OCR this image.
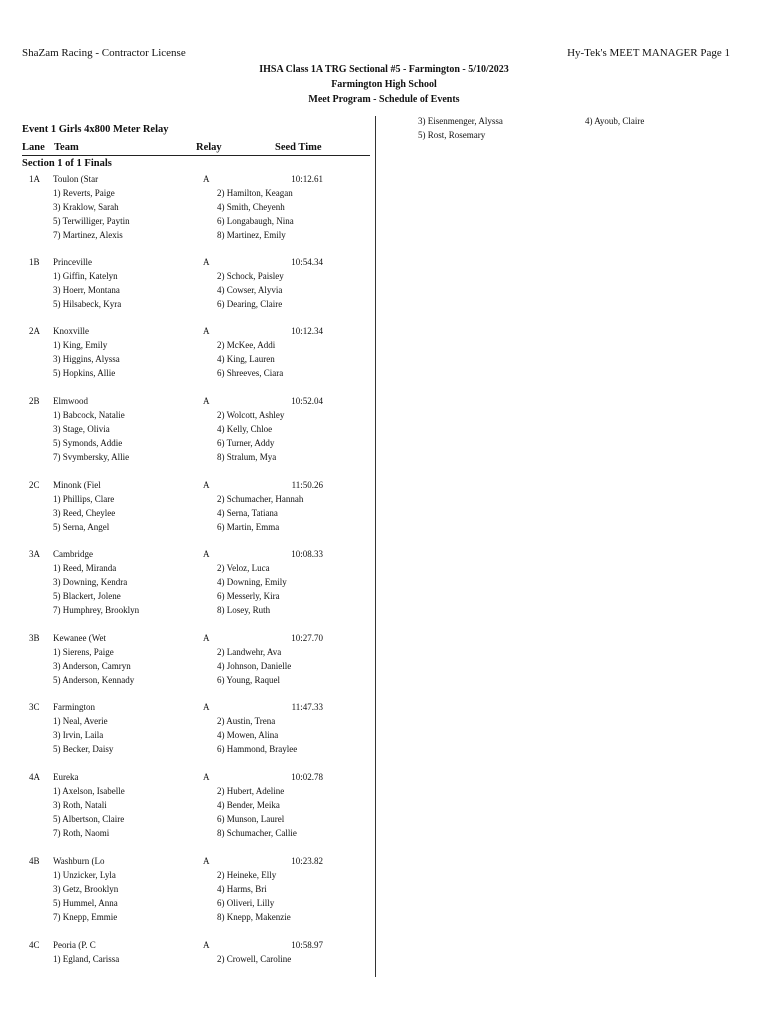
ShaZam Racing - Contractor License	Hy-Tek's MEET MANAGER Page 1
IHSA Class 1A TRG Sectional #5 - Farmington - 5/10/2023
Farmington High School
Meet Program - Schedule of Events
Event 1 Girls 4x800 Meter Relay
Lane Team	Relay	Seed Time
Section 1 of 1 Finals
1A Toulon (Star	A	10:12.61
1) Reverts, Paige	2) Hamilton, Keagan
3) Kraklow, Sarah	4) Smith, Cheyenh
5) Terwilliger, Paytin	6) Longabaugh, Nina
7) Martinez, Alexis	8) Martinez, Emily
1B Princeville	A	10:54.34
1) Giffin, Katelyn	2) Schock, Paisley
3) Hoerr, Montana	4) Cowser, Alyvia
5) Hilsabeck, Kyra	6) Dearing, Claire
2A Knoxville	A	10:12.34
1) King, Emily	2) McKee, Addi
3) Higgins, Alyssa	4) King, Lauren
5) Hopkins, Allie	6) Shreeves, Ciara
2B Elmwood	A	10:52.04
1) Babcock, Natalie	2) Wolcott, Ashley
3) Stage, Olivia	4) Kelly, Chloe
5) Symonds, Addie	6) Turner, Addy
7) Svymbersky, Allie	8) Stralum, Mya
2C Minonk (Fiel	A	11:50.26
1) Phillips, Clare	2) Schumacher, Hannah
3) Reed, Cheylee	4) Serna, Tatiana
5) Serna, Angel	6) Martin, Emma
3A Cambridge	A	10:08.33
1) Reed, Miranda	2) Veloz, Luca
3) Downing, Kendra	4) Downing, Emily
5) Blackert, Jolene	6) Messerly, Kira
7) Humphrey, Brooklyn	8) Losey, Ruth
3B Kewanee (Wet	A	10:27.70
1) Sierens, Paige	2) Landwehr, Ava
3) Anderson, Camryn	4) Johnson, Danielle
5) Anderson, Kennady	6) Young, Raquel
3C Farmington	A	11:47.33
1) Neal, Averie	2) Austin, Trena
3) Irvin, Laila	4) Mowen, Alina
5) Becker, Daisy	6) Hammond, Braylee
4A Eureka	A	10:02.78
1) Axelson, Isabelle	2) Hubert, Adeline
3) Roth, Natali	4) Bender, Meika
5) Albertson, Claire	6) Munson, Laurel
7) Roth, Naomi	8) Schumacher, Callie
4B Washburn (Lo	A	10:23.82
1) Unzicker, Lyla	2) Heineke, Elly
3) Getz, Brooklyn	4) Harms, Bri
5) Hummel, Anna	6) Oliveri, Lilly
7) Knepp, Emmie	8) Knepp, Makenzie
4C Peoria (P. C	A	10:58.97
1) Egland, Carissa	2) Crowell, Caroline
3) Eisenmenger, Alyssa	4) Ayoub, Claire
5) Rost, Rosemary
